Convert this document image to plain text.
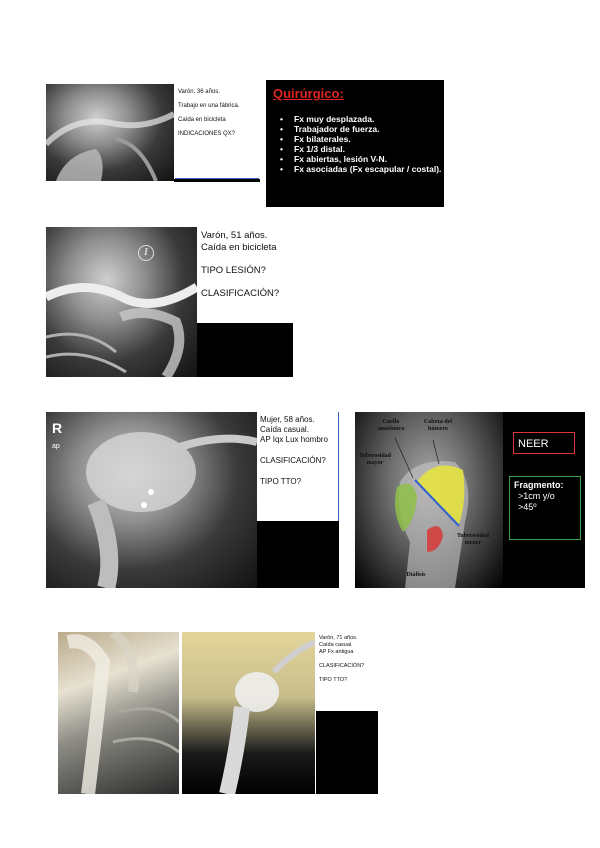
Varón, 36 años.

Trabajo en una fábrica.

Caída en bicicleta

INDICACIONES QX?

Quirúrgico:
• Fx muy desplazada.
• Trabajador de fuerza.
• Fx bilaterales.
• Fx 1/3 distal.
• Fx abiertas, lesión V-N.
• Fx asociadas (Fx escapular / costal).
I

Varón, 51 años.

Caída en bicicleta

TIPO LESIÓN?

CLASIFICACIÓN?

R
ap

Mujer, 58 años.

Caída casual.

AP Iqx Lux hombro

CLASIFICACIÓN?

TIPO TTO?

Cuello anatómico
Cabeza del húmero
Tuberosidad mayor
Tuberosidad menor
Diáfisis
NEER
Fragmento:
>1cm y/o
>45º

Varón, 71 años.

Caída casual.

AP Fx antigua

CLASIFICACIÓN?

TIPO TTO?
